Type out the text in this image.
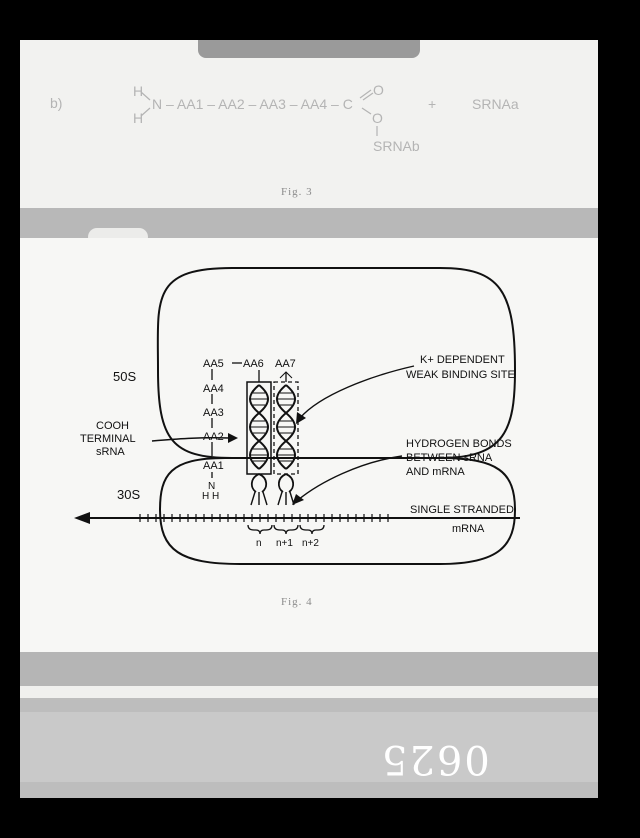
b)
H
H
N – AA1 – AA2 – AA3 – AA4 – C
O
O
SRNAb
+	SRNAa
Fig. 3
50S
30S
AA5 AA6 AA7
AA4
AA3
AA2
AA1
N
H H
COOH
TERMINAL
sRNA
K+ DEPENDENT
WEAK BINDING SITE
HYDROGEN BONDS
BETWEEN sRNA
AND mRNA
SINGLE STRANDED
mRNA
n n+1 n+2
Fig. 4
0625
